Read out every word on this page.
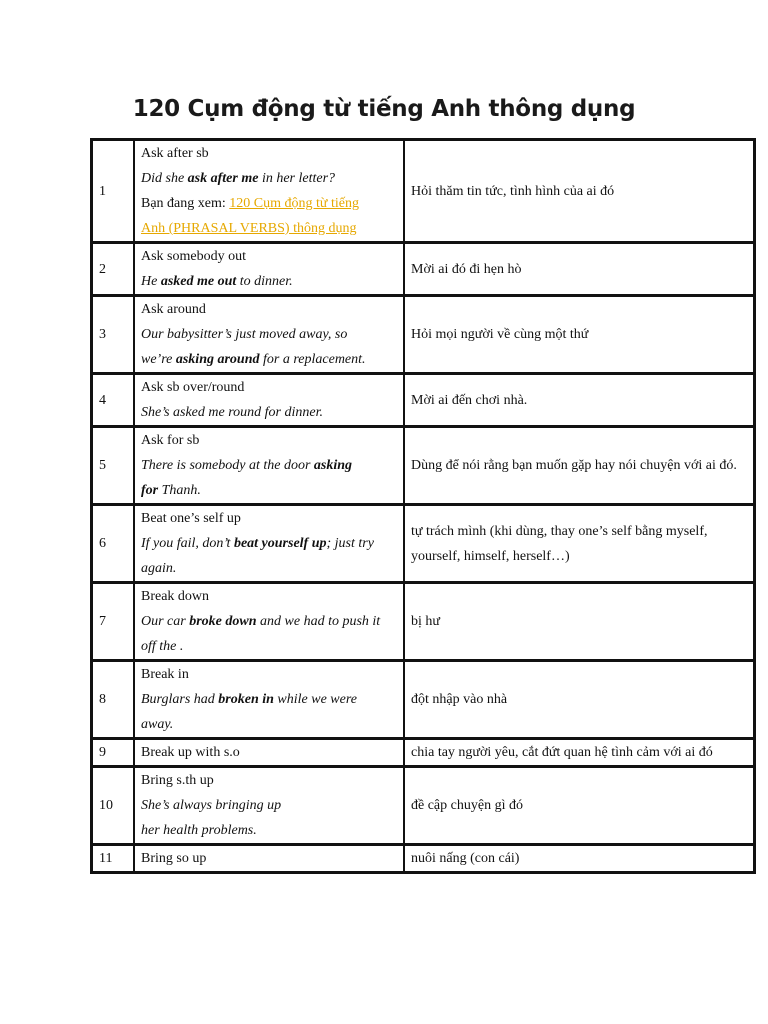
120 Cụm động từ tiếng Anh thông dụng
1	Ask after sb
Did she ask after me in her letter?
Bạn đang xem: 120 Cụm động từ tiếng
Anh (PHRASAL VERBS) thông dụng	Hỏi thăm tin tức, tình hình của ai đó
2	Ask somebody out
He asked me out to dinner.	Mời ai đó đi hẹn hò
3	Ask around
Our babysitter’s just moved away, so
we’re asking around for a replacement.	Hỏi mọi người về cùng một thứ
4	Ask sb over/round
She’s asked me round for dinner.	Mời ai đến chơi nhà.
5	Ask for sb
There is somebody at the door asking
for Thanh.	Dùng để nói rằng bạn muốn gặp hay nói chuyện với ai đó.
6	Beat one’s self up
If you fail, don’t beat yourself up; just try
again.	tự trách mình (khi dùng, thay one’s self bằng myself, yourself, himself, herself…)
7	Break down
Our car broke down and we had to push it
off the .	bị hư
8	Break in
Burglars had broken in while we were
away.	đột nhập vào nhà
9	Break up with s.o	chia tay người yêu, cắt đứt quan hệ tình cảm với ai đó
10	Bring s.th up
She’s always bringing up
her health problems.	đề cập chuyện gì đó
11	Bring so up	nuôi nấng (con cái)
